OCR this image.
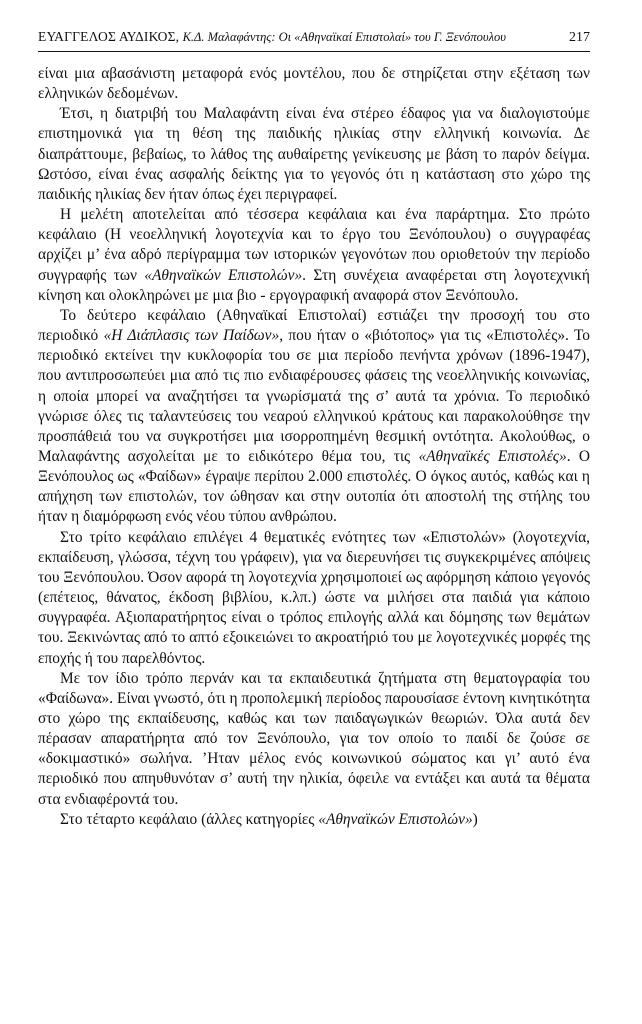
ΕΥΑΓΓΕΛΟΣ ΑΥΔΙΚΟΣ, Κ.Δ. Μαλαφάντης: Οι «Αθηναϊκαί Επιστολαί» του Γ. Ξενόπουλου	217

είναι μια αβασάνιστη μεταφορά ενός μοντέλου, που δε στηρίζεται στην εξέταση των ελληνικών δεδομένων.

Έτσι, η διατριβή του Μαλαφάντη είναι ένα στέρεο έδαφος για να διαλογιστούμε επιστημονικά για τη θέση της παιδικής ηλικίας στην ελληνική κοινωνία. Δε διαπράττουμε, βεβαίως, το λάθος της αυθαίρετης γενίκευσης με βάση το παρόν δείγμα. Ωστόσο, είναι ένας ασφαλής δείκτης για το γεγονός ότι η κατάσταση στο χώρο της παιδικής ηλικίας δεν ήταν όπως έχει περιγραφεί.

Η μελέτη αποτελείται από τέσσερα κεφάλαια και ένα παράρτημα. Στο πρώτο κεφάλαιο (Η νεοελληνική λογοτεχνία και το έργο του Ξενόπουλου) ο συγγραφέας αρχίζει μ’ ένα αδρό περίγραμμα των ιστορικών γεγονότων που οριοθετούν την περίοδο συγγραφής των «Αθηναϊκών Επιστολών». Στη συνέχεια αναφέρεται στη λογοτεχνική κίνηση και ολοκληρώνει με μια βιο - εργογραφική αναφορά στον Ξενόπουλο.

Το δεύτερο κεφάλαιο (Αθηναϊκαί Επιστολαί) εστιάζει την προσοχή του στο περιοδικό «Η Διάπλασις των Παίδων», που ήταν ο «βιότοπος» για τις «Επιστολές». Το περιοδικό εκτείνει την κυκλοφορία του σε μια περίοδο πενήντα χρόνων (1896-1947), που αντιπροσωπεύει μια από τις πιο ενδιαφέρουσες φάσεις της νεοελληνικής κοινωνίας, η οποία μπορεί να αναζητήσει τα γνωρίσματά της σ’ αυτά τα χρόνια. Το περιοδικό γνώρισε όλες τις ταλαντεύσεις του νεαρού ελληνικού κράτους και παρακολούθησε την προσπάθειά του να συγκροτήσει μια ισορροπημένη θεσμική οντότητα. Ακολούθως, ο Μαλαφάντης ασχολείται με το ειδικότερο θέμα του, τις «Αθηναϊκές Επιστολές». Ο Ξενόπουλος ως «Φαίδων» έγραψε περίπου 2.000 επιστολές. Ο όγκος αυτός, καθώς και η απήχηση των επιστολών, τον ώθησαν και στην ουτοπία ότι αποστολή της στήλης του ήταν η διαμόρφωση ενός νέου τύπου ανθρώπου.

Στο τρίτο κεφάλαιο επιλέγει 4 θεματικές ενότητες των «Επιστολών» (λογοτεχνία, εκπαίδευση, γλώσσα, τέχνη του γράφειν), για να διερευνήσει τις συγκεκριμένες απόψεις του Ξενόπουλου. Όσον αφορά τη λογοτεχνία χρησιμοποιεί ως αφόρμηση κάποιο γεγονός (επέτειος, θάνατος, έκδοση βιβλίου, κ.λπ.) ώστε να μιλήσει στα παιδιά για κάποιο συγγραφέα. Αξιοπαρατήρητος είναι ο τρόπος επιλογής αλλά και δόμησης των θεμάτων του. Ξεκινώντας από το απτό εξοικειώνει το ακροατήριό του με λογοτεχνικές μορφές της εποχής ή του παρελθόντος.

Με τον ίδιο τρόπο περνάν και τα εκπαιδευτικά ζητήματα στη θεματογραφία του «Φαίδωνα». Είναι γνωστό, ότι η προπολεμική περίοδος παρουσίασε έντονη κινητικότητα στο χώρο της εκπαίδευσης, καθώς και των παιδαγωγικών θεωριών. Όλα αυτά δεν πέρασαν απαρατήρητα από τον Ξενόπουλο, για τον οποίο το παιδί δε ζούσε σε «δοκιμαστικό» σωλήνα. ’Ηταν μέλος ενός κοινωνικού σώματος και γι’ αυτό ένα περιοδικό που απηυθυνόταν σ’ αυτή την ηλικία, όφειλε να εντάξει και αυτά τα θέματα στα ενδιαφέροντά του.

Στο τέταρτο κεφάλαιο (άλλες κατηγορίες «Αθηναϊκών Επιστολών»)
